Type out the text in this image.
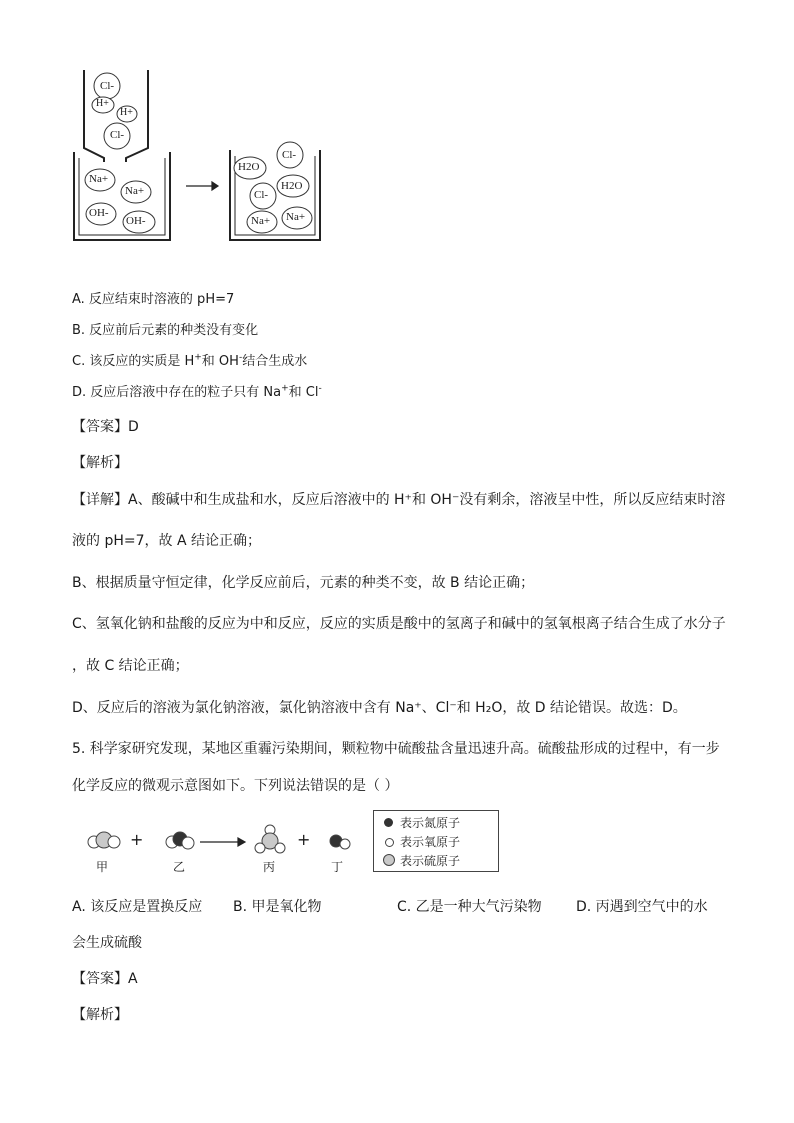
Cl-
H+
H+
Cl-
Na+
Na+
OH-
OH-
H2O
Cl-
Cl-
H2O
Na+ Na+
A. 反应结束时溶液的 pH=7
B. 反应前后元素的种类没有变化
C. 该反应的实质是 H+和 OH-结合生成水
D. 反应后溶液中存在的粒子只有 Na+和 Cl-
【答案】D
【解析】
【详解】A、酸碱中和生成盐和水，反应后溶液中的 H⁺和 OH⁻没有剩余，溶液呈中性，所以反应结束时溶
液的 pH=7，故 A 结论正确；
B、根据质量守恒定律，化学反应前后，元素的种类不变，故 B 结论正确；
C、氢氧化钠和盐酸的反应为中和反应，反应的实质是酸中的氢离子和碱中的氢氧根离子结合生成了水分子
，故 C 结论正确；
D、反应后的溶液为氯化钠溶液，氯化钠溶液中含有 Na⁺、Cl⁻和 H₂O，故 D 结论错误。故选：D。
5. 科学家研究发现，某地区重霾污染期间，颗粒物中硫酸盐含量迅速升高。硫酸盐形成的过程中，有一步
化学反应的微观示意图如下。下列说法错误的是（ ）
+	+
甲	乙	丙	丁
表示氮原子
表示氧原子
表示硫原子
A. 该反应是置换反应 B. 甲是氧化物	C. 乙是一种大气污染物 D. 丙遇到空气中的水
会生成硫酸
【答案】A
【解析】
